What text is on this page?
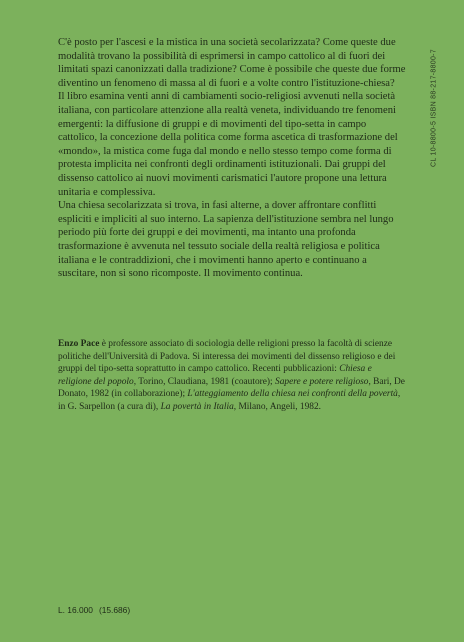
C'è posto per l'ascesi e la mistica in una società secolarizzata? Come queste due modalità trovano la possibilità di esprimersi in campo cattolico al di fuori dei limitati spazi canonizzati dalla tradizione? Come è possibile che queste due forme diventino un fenomeno di massa al di fuori e a volte contro l'istituzione-chiesa?

Il libro esamina venti anni di cambiamenti socio-religiosi avvenuti nella società italiana, con particolare attenzione alla realtà veneta, individuando tre fenomeni emergenti: la diffusione di gruppi e di movimenti del tipo-setta in campo cattolico, la concezione della politica come forma ascetica di trasformazione del «mondo», la mistica come fuga dal mondo e nello stesso tempo come forma di protesta implicita nei confronti degli ordinamenti istituzionali. Dai gruppi del dissenso cattolico ai nuovi movimenti carismatici l'autore propone una lettura unitaria e complessiva.

Una chiesa secolarizzata si trova, in fasi alterne, a dover affrontare conflitti espliciti e impliciti al suo interno. La sapienza dell'istituzione sembra nel lungo periodo più forte dei gruppi e dei movimenti, ma intanto una profonda trasformazione è avvenuta nel tessuto sociale della realtà religiosa e politica italiana e le contraddizioni, che i movimenti hanno aperto e continuano a suscitare, non si sono ricomposte. Il movimento continua.

Enzo Pace è professore associato di sociologia delle religioni presso la facoltà di scienze politiche dell'Università di Padova. Si interessa dei movimenti del dissenso religioso e dei gruppi del tipo-setta soprattutto in campo cattolico. Recenti pubblicazioni: Chiesa e religione del popolo, Torino, Claudiana, 1981 (coautore); Sapere e potere religioso, Bari, De Donato, 1982 (in collaborazione); L'atteggiamento della chiesa nei confronti della povertà, in G. Sarpellon (a cura di), La povertà in Italia, Milano, Angeli, 1982.

CL 10-8800-5 ISBN 88-217-8800-7
L. 16.000 (15.686)
